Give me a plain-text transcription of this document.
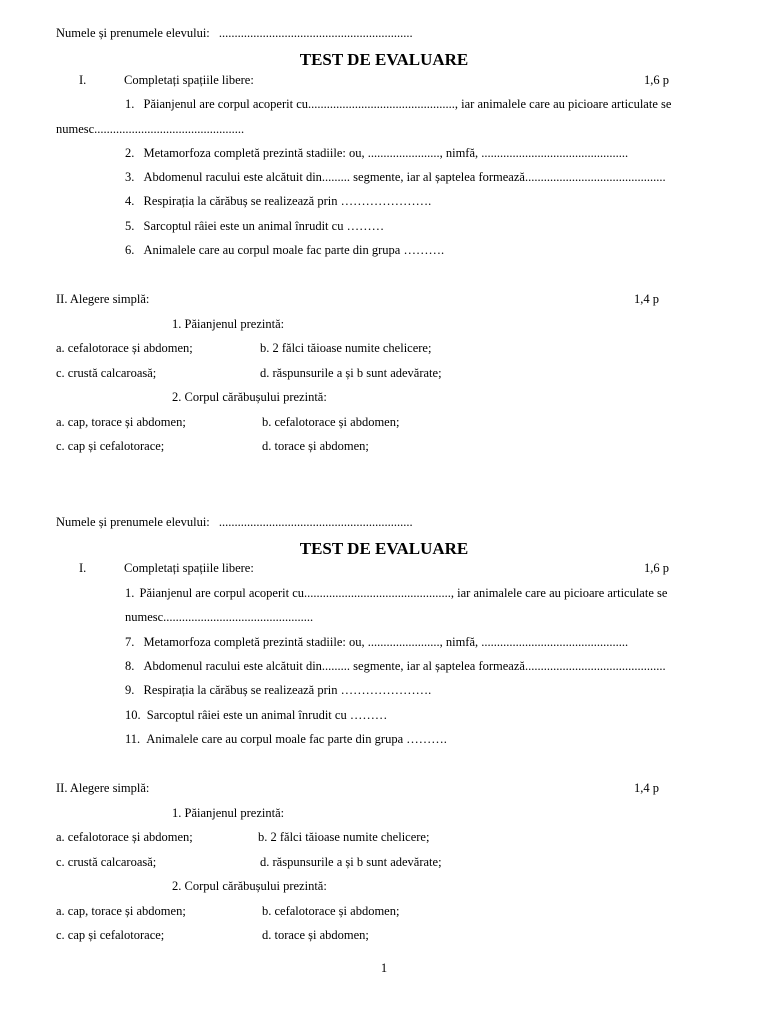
Numele și prenumele elevului: ..............................................................
TEST DE EVALUARE
I.	Completați spațiile libere:	1,6 p
1. Păianjenul are corpul acoperit cu..............................................., iar animalele care au picioare articulate se
numesc................................................
2. Metamorfoza completă prezintă stadiile: ou, ......................., nimfă, ...............................................
3. Abdomenul racului este alcătuit din......... segmente, iar al șaptelea formează.............................................
4. Respirația la cărăbuș se realizează prin ………………….
5. Sarcoptul râiei este un animal înrudit cu ………
6. Animalele care au corpul moale fac parte din grupa ……….
II. Alegere simplă:	1,4 p
1. Păianjenul prezintă:
a. cefalotorace și abdomen;	b. 2 fălci tăioase numite chelicere;
c. crustă calcaroasă;	d. răspunsurile a și b sunt adevărate;
2. Corpul cărăbușului prezintă:
a. cap, torace și abdomen;	b. cefalotorace și abdomen;
c. cap și cefalotorace;	d. torace și abdomen;
Numele și prenumele elevului: ..............................................................
TEST DE EVALUARE
I.	Completați spațiile libere:	1,6 p
1. Păianjenul are corpul acoperit cu..............................................., iar animalele care au picioare articulate se
numesc................................................
7. Metamorfoza completă prezintă stadiile: ou, ......................., nimfă, ...............................................
8. Abdomenul racului este alcătuit din......... segmente, iar al șaptelea formează.............................................
9. Respirația la cărăbuș se realizează prin ………………….
10. Sarcoptul râiei este un animal înrudit cu ………
11. Animalele care au corpul moale fac parte din grupa ……….
II. Alegere simplă:	1,4 p
1. Păianjenul prezintă:
a. cefalotorace și abdomen;	b. 2 fălci tăioase numite chelicere;
c. crustă calcaroasă;	d. răspunsurile a și b sunt adevărate;
2. Corpul cărăbușului prezintă:
a. cap, torace și abdomen;	b. cefalotorace și abdomen;
c. cap și cefalotorace;	d. torace și abdomen;
1
